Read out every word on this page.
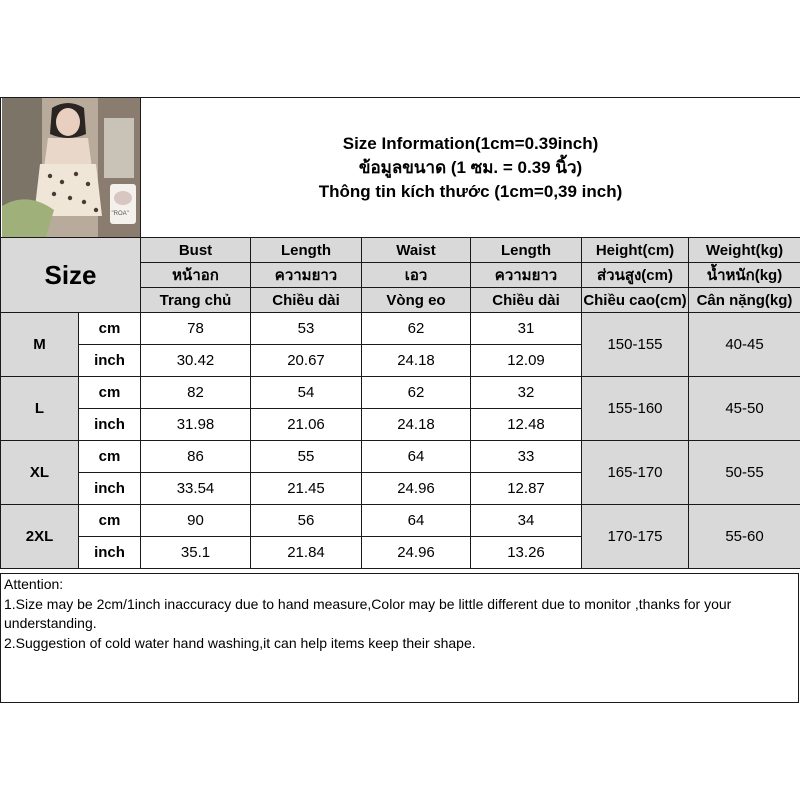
"ROA"		Size Information(1cm=0.39inch)
ข้อมูลขนาด (1 ซม. = 0.39 นิ้ว)
Thông tin kích thước (1cm=0,39 inch)					

Size		Bust	Length	Waist	Length	Height(cm)	Weight(kg)
		หน้าอก	ความยาว	เอว	ความยาว	ส่วนสูง(cm)	น้ำหนัก(kg)
		Trang chủ	Chiều dài	Vòng eo	Chiều dài	Chiều cao(cm)	Cân nặng(kg)
M	cm	78	53	62	31	150-155	40-45
	inch	30.42	20.67	24.18	12.09		
L	cm	82	54	62	32	155-160	45-50
	inch	31.98	21.06	24.18	12.48		
XL	cm	86	55	64	33	165-170	50-55
	inch	33.54	21.45	24.96	12.87		
2XL	cm	90	56	64	34	170-175	55-60
	inch	35.1	21.84	24.96	13.26		

Attention:

1.Size may be 2cm/1inch inaccuracy due to hand measure,Color may be little different due to monitor ,thanks for your understanding.

2.Suggestion of cold water hand washing,it can help items keep their shape.
